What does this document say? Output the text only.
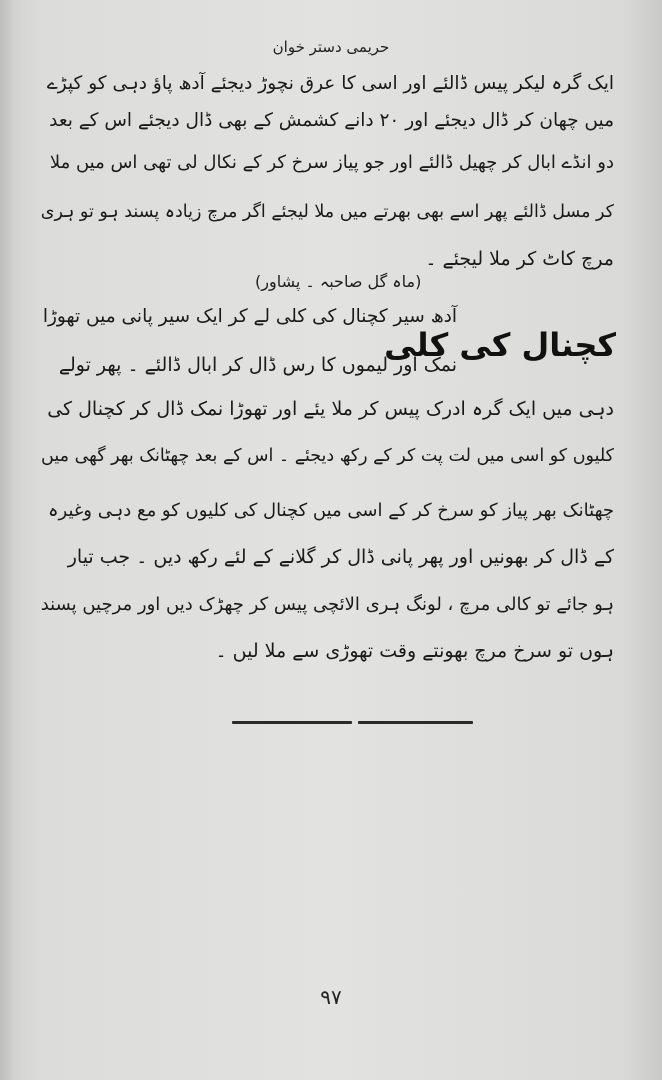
حریمی دستر خوان
ایک گرہ لیکر پیس ڈالئے اور اسی کا عرق نچوڑ دیجئے آدھ پاؤ دہی کو کپڑے
میں چھان کر ڈال دیجئے اور ۲۰ دانے کشمش کے بھی ڈال دیجئے اس کے بعد
دو انڈے ابال کر چھیل ڈالئے اور جو پیاز سرخ کر کے نکال لی تھی اس میں ملا
کر مسل ڈالئے پھر اسے بھی بھرتے میں ملا لیجئے اگر مرچ زیادہ پسند ہو تو ہری
مرچ کاٹ کر ملا لیجئے ۔
(ماہ گل صاحبہ ۔ پشاور)
کچنال کی کلی
آدھ سیر کچنال کی کلی لے کر ایک سیر پانی میں تھوڑا
نمک اور لیموں کا رس ڈال کر ابال ڈالئے ۔ پھر تولے
دہی میں ایک گرہ ادرک پیس کر ملا یئے اور تھوڑا نمک ڈال کر کچنال کی
کلیوں کو اسی میں لت پت کر کے رکھ دیجئے ۔ اس کے بعد چھٹانک بھر گھی میں
چھٹانک بھر پیاز کو سرخ کر کے اسی میں کچنال کی کلیوں کو مع دہی وغیرہ
کے ڈال کر بھونیں اور پھر پانی ڈال کر گلانے کے لئے رکھ دیں ۔ جب تیار
ہو جائے تو کالی مرچ ، لونگ ہری الائچی پیس کر چھڑک دیں اور مرچیں پسند
ہوں تو سرخ مرچ بھونتے وقت تھوڑی سے ملا لیں ۔
۹۷
